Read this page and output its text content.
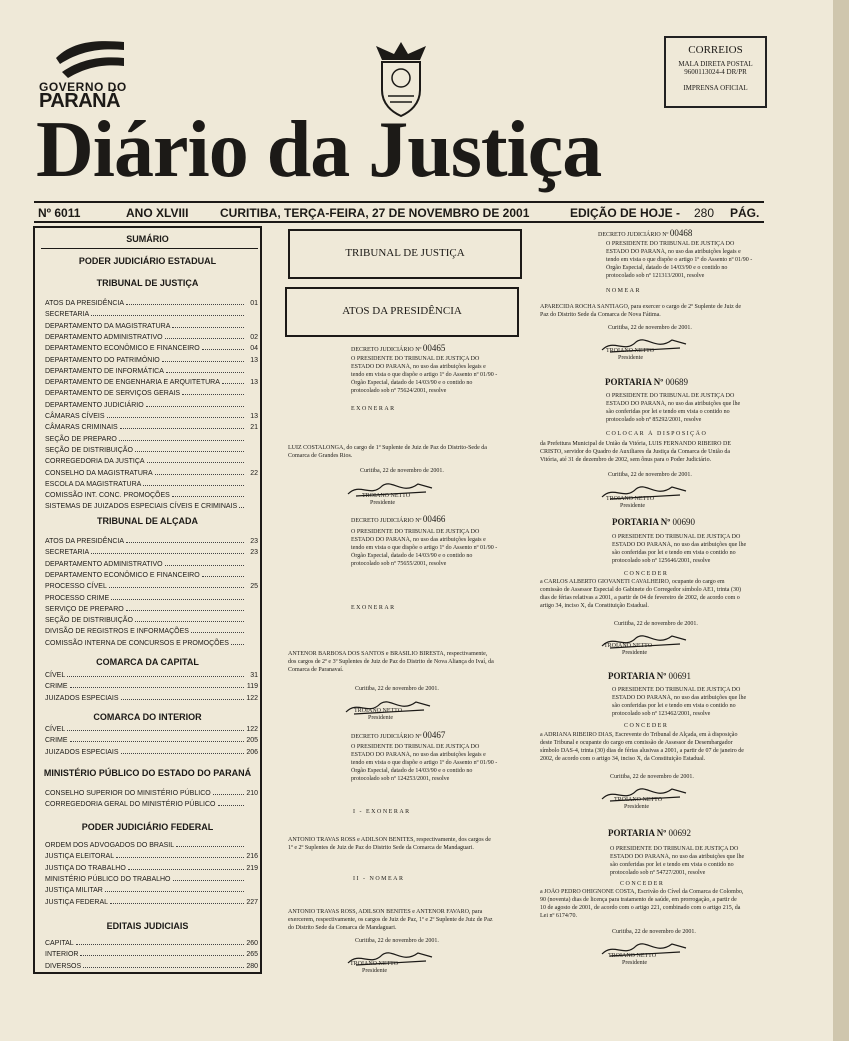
GOVERNO DO
PARANÁ
CORREIOS
MALA DIRETA POSTAL
9600113024-4 DR/PR
IMPRENSA OFICIAL
Diário da Justiça
Nº 6011	ANO XLVIII	CURITIBA, TERÇA-FEIRA, 27 DE NOVEMBRO DE 2001	EDIÇÃO DE HOJE - 280 PÁG.
SUMÁRIO
PODER JUDICIÁRIO ESTADUAL
TRIBUNAL DE JUSTIÇA
ATOS DA PRESIDÊNCIA	01
SECRETARIA
DEPARTAMENTO DA MAGISTRATURA
DEPARTAMENTO ADMINISTRATIVO	02
DEPARTAMENTO ECONÔMICO E FINANCEIRO	04
DEPARTAMENTO DO PATRIMÔNIO	13
DEPARTAMENTO DE INFORMÁTICA
DEPARTAMENTO DE ENGENHARIA E ARQUITETURA	13
DEPARTAMENTO DE SERVIÇOS GERAIS
DEPARTAMENTO JUDICIÁRIO
CÂMARAS CÍVEIS	13
CÂMARAS CRIMINAIS	21
SEÇÃO DE PREPARO
SEÇÃO DE DISTRIBUIÇÃO
CORREGEDORIA DA JUSTIÇA
CONSELHO DA MAGISTRATURA	22
ESCOLA DA MAGISTRATURA
COMISSÃO INT. CONC. PROMOÇÕES
SISTEMAS DE JUIZADOS ESPECIAIS CÍVEIS E CRIMINAIS
TRIBUNAL DE ALÇADA
ATOS DA PRESIDÊNCIA	23
SECRETARIA	23
DEPARTAMENTO ADMINISTRATIVO
DEPARTAMENTO ECONÔMICO E FINANCEIRO
PROCESSO CÍVEL	25
PROCESSO CRIME
SERVIÇO DE PREPARO
SEÇÃO DE DISTRIBUIÇÃO
DIVISÃO DE REGISTROS E INFORMAÇÕES
COMISSÃO INTERNA DE CONCURSOS E PROMOÇÕES
COMARCA DA CAPITAL
CÍVEL	31
CRIME	119
JUIZADOS ESPECIAIS	122
COMARCA DO INTERIOR
CÍVEL	122
CRIME	205
JUIZADOS ESPECIAIS	206
MINISTÉRIO PÚBLICO DO ESTADO DO PARANÁ
CONSELHO SUPERIOR DO MINISTÉRIO PÚBLICO	210
CORREGEDORIA GERAL DO MINISTÉRIO PÚBLICO
PODER JUDICIÁRIO FEDERAL
ORDEM DOS ADVOGADOS DO BRASIL
JUSTIÇA ELEITORAL	216
JUSTIÇA DO TRABALHO	219
MINISTÉRIO PÚBLICO DO TRABALHO
JUSTIÇA MILITAR
JUSTIÇA FEDERAL	227
EDITAIS JUDICIAIS
CAPITAL	260
INTERIOR	265
DIVERSOS	280
TRIBUNAL DE JUSTIÇA
ATOS DA PRESIDÊNCIA
DECRETO JUDICIÁRIO Nº 00465
O PRESIDENTE DO TRIBUNAL DE JUSTIÇA DO
ESTADO DO PARANÁ, no uso das atribuições legais e
tendo em vista o que dispõe o artigo 1º do Assento nº 01/90 -
Órgão Especial, datado de 14/03/90 e o contido no
protocolado sob nº 75624/2001, resolve
EXONERAR
LUIZ COSTALONGA, do cargo de 1º Suplente de Juiz de Paz do Distrito-Sede da
Comarca de Grandes Rios.
Curitiba, 22 de novembro de 2001.
TROIANO NETTO
Presidente
DECRETO JUDICIÁRIO Nº 00466
O PRESIDENTE DO TRIBUNAL DE JUSTIÇA DO
ESTADO DO PARANÁ, no uso das atribuições legais e
tendo em vista o que dispõe o artigo 1º do Assento nº 01/90 -
Órgão Especial, datado de 14/03/90 e o contido no
protocolado sob nº 75655/2001, resolve
EXONERAR
ANTENOR BARBOSA DOS SANTOS e BRASILIO BIRESTA, respectivamente,
dos cargos de 2º e 3º Suplentes de Juiz de Paz do Distrito de Nova Aliança do Ivaí, da
Comarca de Paranavaí.
Curitiba, 22 de novembro de 2001.
TROIANO NETTO
Presidente
DECRETO JUDICIÁRIO Nº 00467
O PRESIDENTE DO TRIBUNAL DE JUSTIÇA DO
ESTADO DO PARANÁ, no uso das atribuições legais e
tendo em vista o que dispõe o artigo 1º do Assento nº 01/90 -
Órgão Especial, datado de 14/03/90 e o contido no
protocolado sob nº 124253/2001, resolve
I - EXONERAR
ANTONIO TRAVAS ROSS e ADILSON BENITES, respectivamente, dos cargos de
1º e 2º Suplentes de Juiz de Paz do Distrito Sede da Comarca de Mandaguari.
II - NOMEAR
ANTONIO TRAVAS ROSS, ADILSON BENITES e ANTENOR FAVARO, para
exercerem, respectivamente, os cargos de Juiz de Paz, 1º e 2º Suplente de Juiz de Paz
do Distrito Sede da Comarca de Mandaguari.
Curitiba, 22 de novembro de 2001.
TROIANO NETTO
Presidente
DECRETO JUDICIÁRIO Nº 00468
O PRESIDENTE DO TRIBUNAL DE JUSTIÇA DO
ESTADO DO PARANÁ, no uso das atribuições legais e
tendo em vista o que dispõe o artigo 1º do Assento nº 01/90 -
Órgão Especial, datado de 14/03/90 e o contido no
protocolado sob nº 121313/2001, resolve
NOMEAR
APARECIDA ROCHA SANTIAGO, para exercer o cargo de 2º Suplente de Juiz de
Paz do Distrito Sede da Comarca de Nova Fátima.
Curitiba, 22 de novembro de 2001.
TROIANO NETTO
Presidente
PORTARIA Nº 00689
O PRESIDENTE DO TRIBUNAL DE JUSTIÇA DO
ESTADO DO PARANÁ, no uso das atribuições que lhe
são conferidas por lei e tendo em vista o contido no
protocolado sob nº 85292/2001, resolve
COLOCAR À DISPOSIÇÃO
da Prefeitura Municipal de União da Vitória, LUIS FERNANDO RIBEIRO DE
CRISTO, servidor do Quadro de Auxiliares da Justiça da Comarca de União da
Vitória, até 31 de dezembro de 2002, sem ônus para o Poder Judiciário.
Curitiba, 22 de novembro de 2001.
TROIANO NETTO
Presidente
PORTARIA Nº 00690
O PRESIDENTE DO TRIBUNAL DE JUSTIÇA DO
ESTADO DO PARANÁ, no uso das atribuições que lhe
são conferidas por lei e tendo em vista o contido no
protocolado sob nº 125646/2001, resolve
CONCEDER
a CARLOS ALBERTO GIOVANETI CAVALHEIRO, ocupante do cargo em
comissão de Assessor Especial do Gabinete do Corregedor símbolo AE1, trinta (30)
dias de férias relativas a 2001, a partir de 04 de fevereiro de 2002, de acordo com o
artigo 34, inciso X, da Constituição Estadual.
Curitiba, 22 de novembro de 2001.
TROIANO NETTO
Presidente
PORTARIA Nº 00691
O PRESIDENTE DO TRIBUNAL DE JUSTIÇA DO
ESTADO DO PARANÁ, no uso das atribuições que lhe
são conferidas por lei e tendo em vista o contido no
protocolado sob nº 123462/2001, resolve
CONCEDER
a ADRIANA RIBEIRO DIAS, Escrevente do Tribunal de Alçada, em à disposição
deste Tribunal e ocupante do cargo em comissão de Assessor de Desembargador
símbolo DAS-4, trinta (30) dias de férias alusivas a 2001, a partir de 07 de janeiro de
2002, de acordo com o artigo 34, inciso X, da Constituição Estadual.
Curitiba, 22 de novembro de 2001.
TROIANO NETTO
Presidente
PORTARIA Nº 00692
O PRESIDENTE DO TRIBUNAL DE JUSTIÇA DO
ESTADO DO PARANÁ, no uso das atribuições que lhe
são conferidas por lei e tendo em vista o contido no
protocolado sob nº 54727/2001, resolve
CONCEDER
a JOÃO PEDRO OHIGNONE COSTA, Escrivão do Cível da Comarca de Colombo,
90 (noventa) dias de licença para tratamento de saúde, em prorrogação, a partir de
10 de agosto de 2001, de acordo com o artigo 221, combinado com o artigo 215, da
Lei nº 6174/70.
Curitiba, 22 de novembro de 2001.
TROIANO NETTO
Presidente
